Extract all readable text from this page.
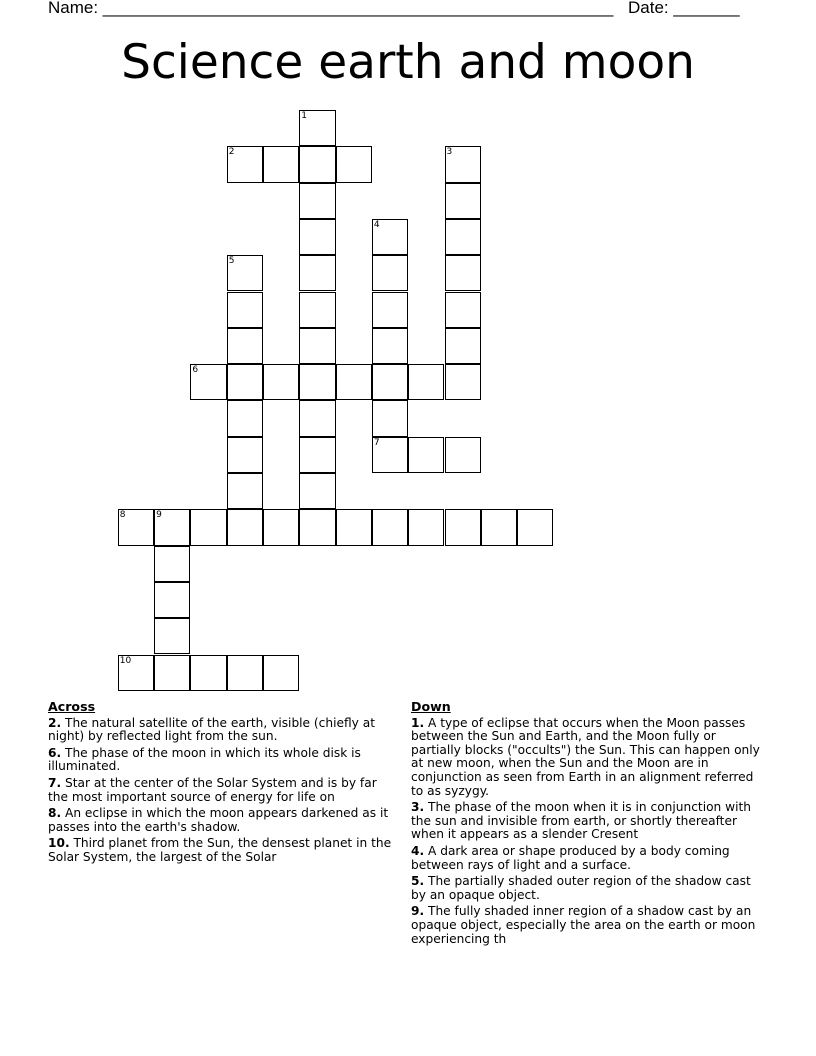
Name: ______________________________________________________ Date: _______
Science earth and moon
1
2	3
4
7
5
6
8	9
10
Across
2. The natural satellite of the earth, visible (chiefly at night) by reflected light from the sun.
6. The phase of the moon in which its whole disk is illuminated.
7. Star at the center of the Solar System and is by far the most important source of energy for life on
8. An eclipse in which the moon appears darkened as it passes into the earth's shadow.
10. Third planet from the Sun, the densest planet in the Solar System, the largest of the Solar
Down
1. A type of eclipse that occurs when the Moon passes between the Sun and Earth, and the Moon fully or partially blocks ("occults") the Sun. This can happen only at new moon, when the Sun and the Moon are in conjunction as seen from Earth in an alignment referred to as syzygy.
3. The phase of the moon when it is in conjunction with the sun and invisible from earth, or shortly thereafter when it appears as a slender Cresent
4. A dark area or shape produced by a body coming between rays of light and a surface.
5. The partially shaded outer region of the shadow cast by an opaque object.
9. The fully shaded inner region of a shadow cast by an opaque object, especially the area on the earth or moon experiencing th
